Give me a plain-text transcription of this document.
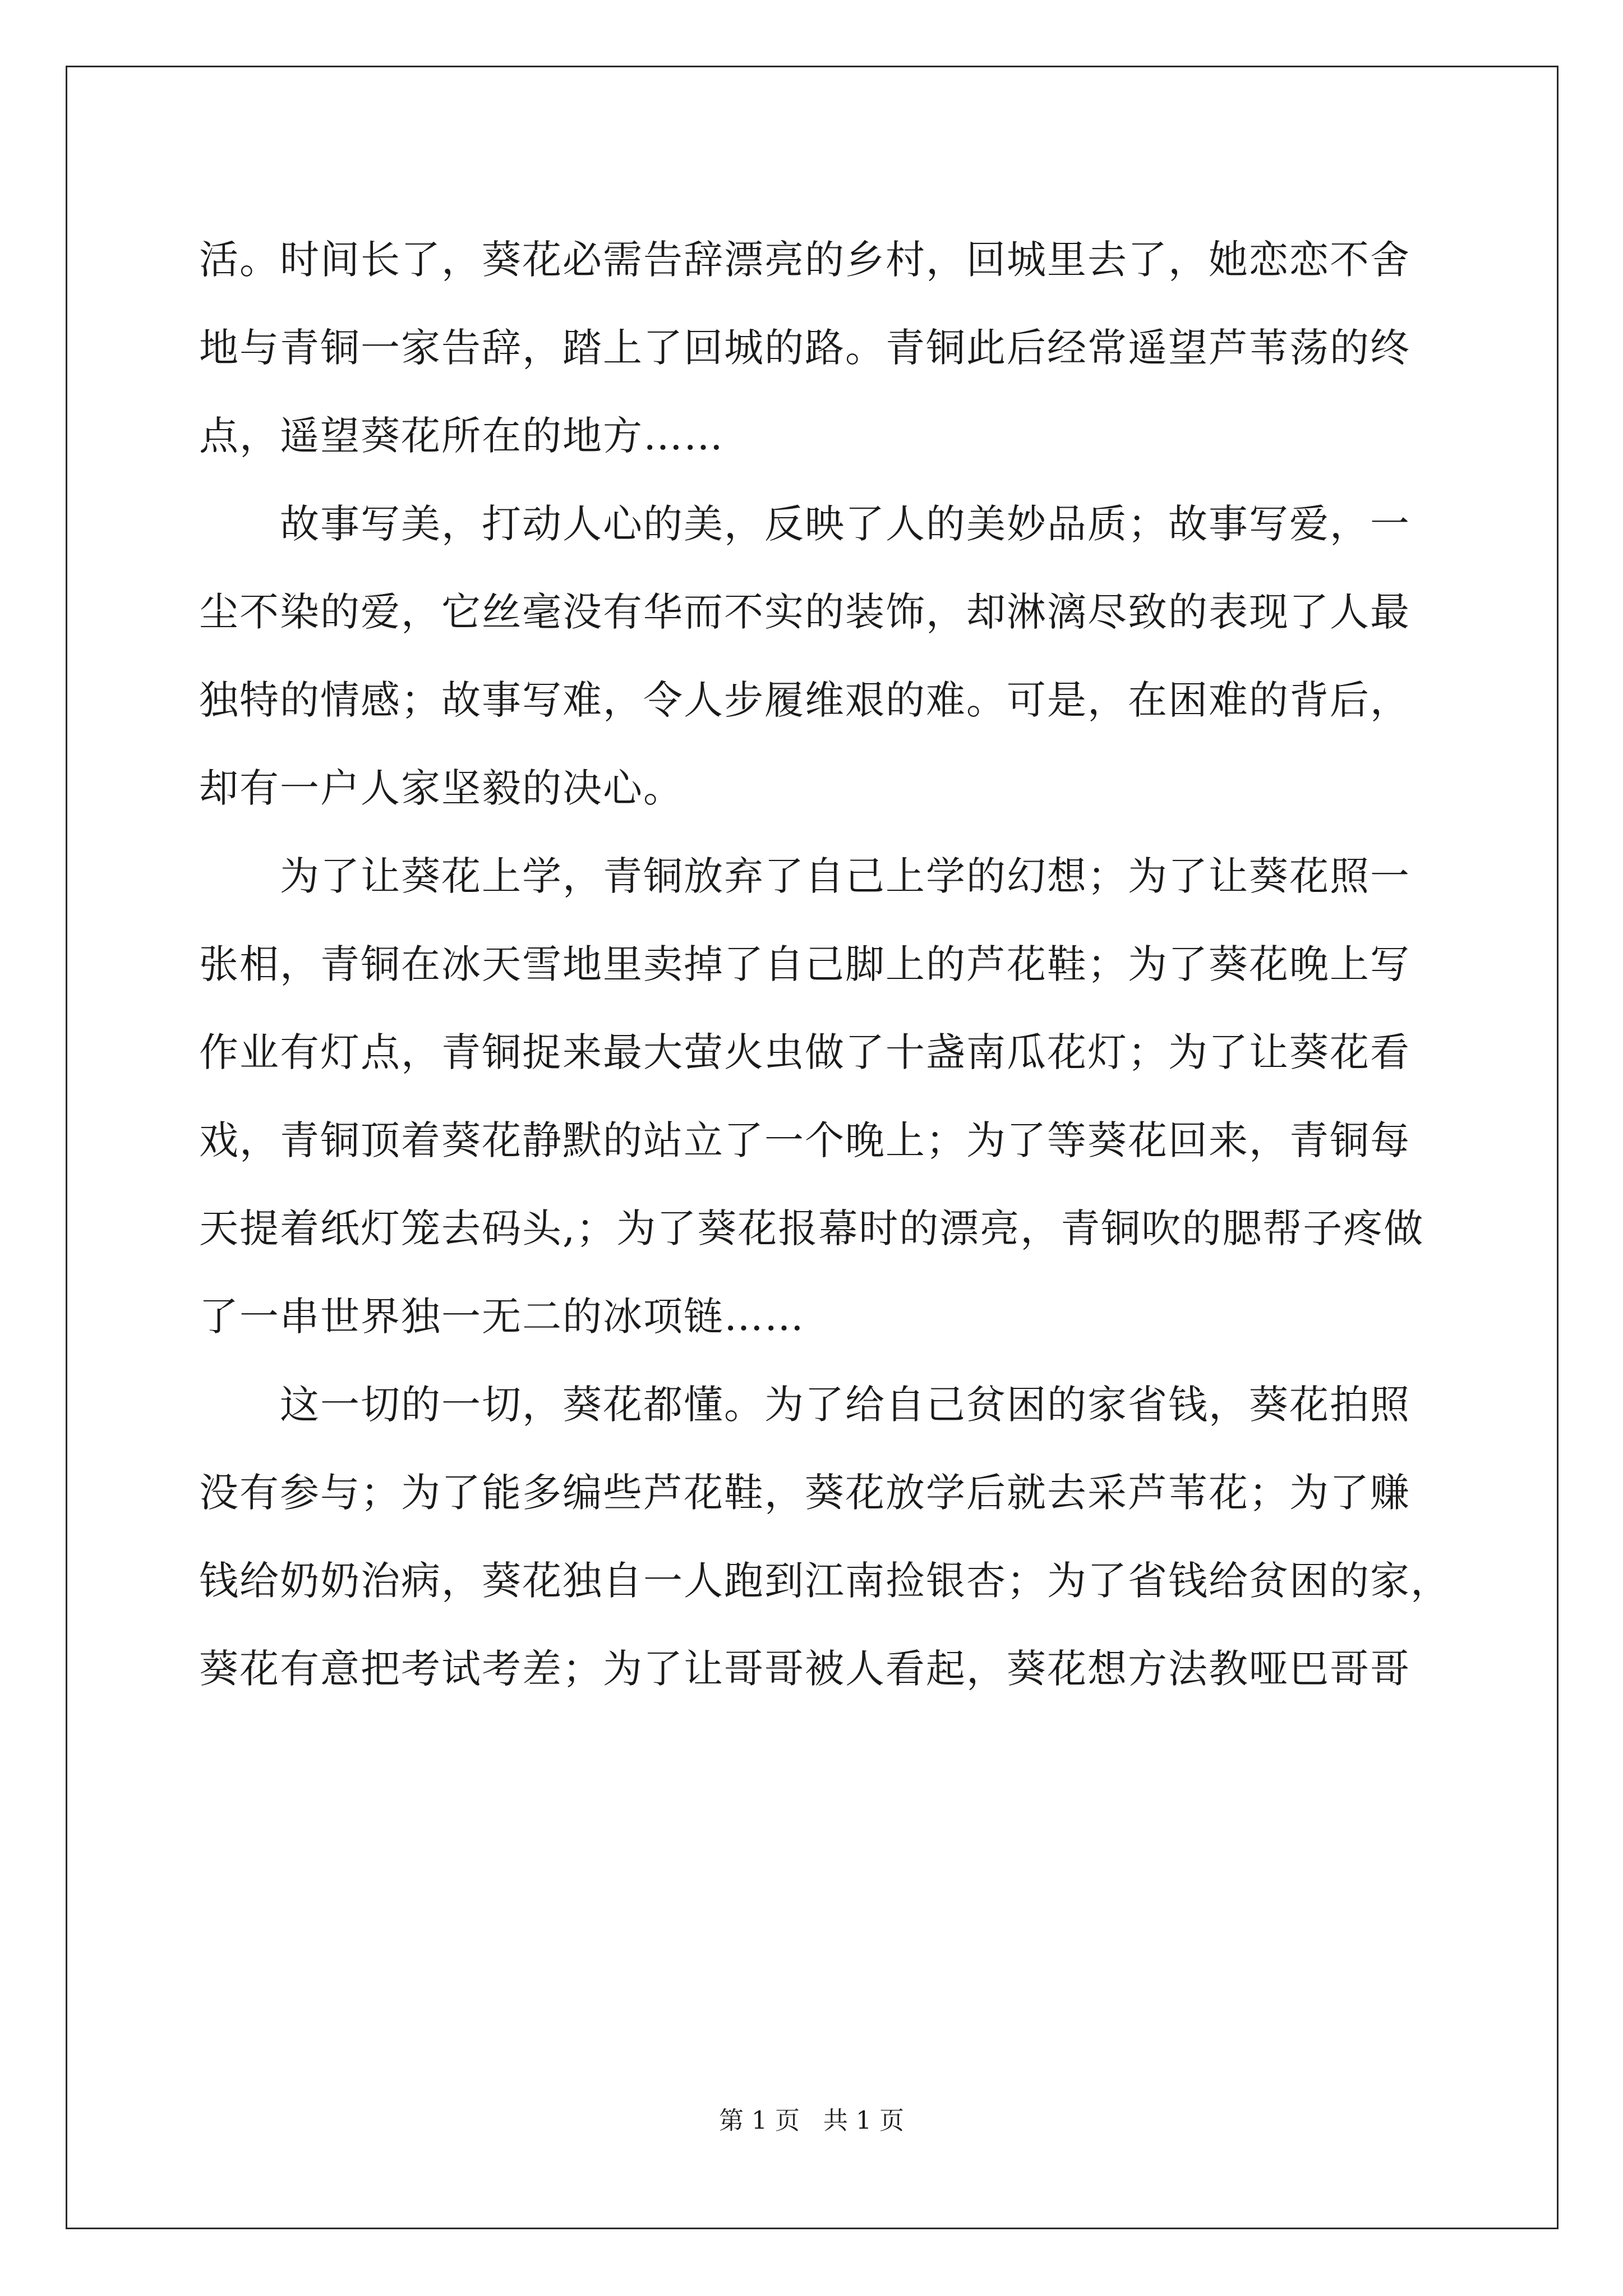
活。时间长了，葵花必需告辞漂亮的乡村，回城里去了，她恋恋不舍
地与青铜一家告辞，踏上了回城的路。青铜此后经常遥望芦苇荡的终
点，遥望葵花所在的地方……
　　故事写美，打动人心的美，反映了人的美妙品质；故事写爱，一
尘不染的爱，它丝毫没有华而不实的装饰，却淋漓尽致的表现了人最
独特的情感；故事写难，令人步履维艰的难。可是，在困难的背后，
却有一户人家坚毅的决心。
　　为了让葵花上学，青铜放弃了自己上学的幻想；为了让葵花照一
张相，青铜在冰天雪地里卖掉了自己脚上的芦花鞋；为了葵花晚上写
作业有灯点，青铜捉来最大萤火虫做了十盏南瓜花灯；为了让葵花看
戏，青铜顶着葵花静默的站立了一个晚上；为了等葵花回来，青铜每
天提着纸灯笼去码头,；为了葵花报幕时的漂亮，青铜吹的腮帮子疼做
了一串世界独一无二的冰项链……
　　这一切的一切，葵花都懂。为了给自己贫困的家省钱，葵花拍照
没有参与；为了能多编些芦花鞋，葵花放学后就去采芦苇花；为了赚
钱给奶奶治病，葵花独自一人跑到江南捡银杏；为了省钱给贫困的家，
葵花有意把考试考差；为了让哥哥被人看起，葵花想方法教哑巴哥哥
第 1 页   共 1 页
